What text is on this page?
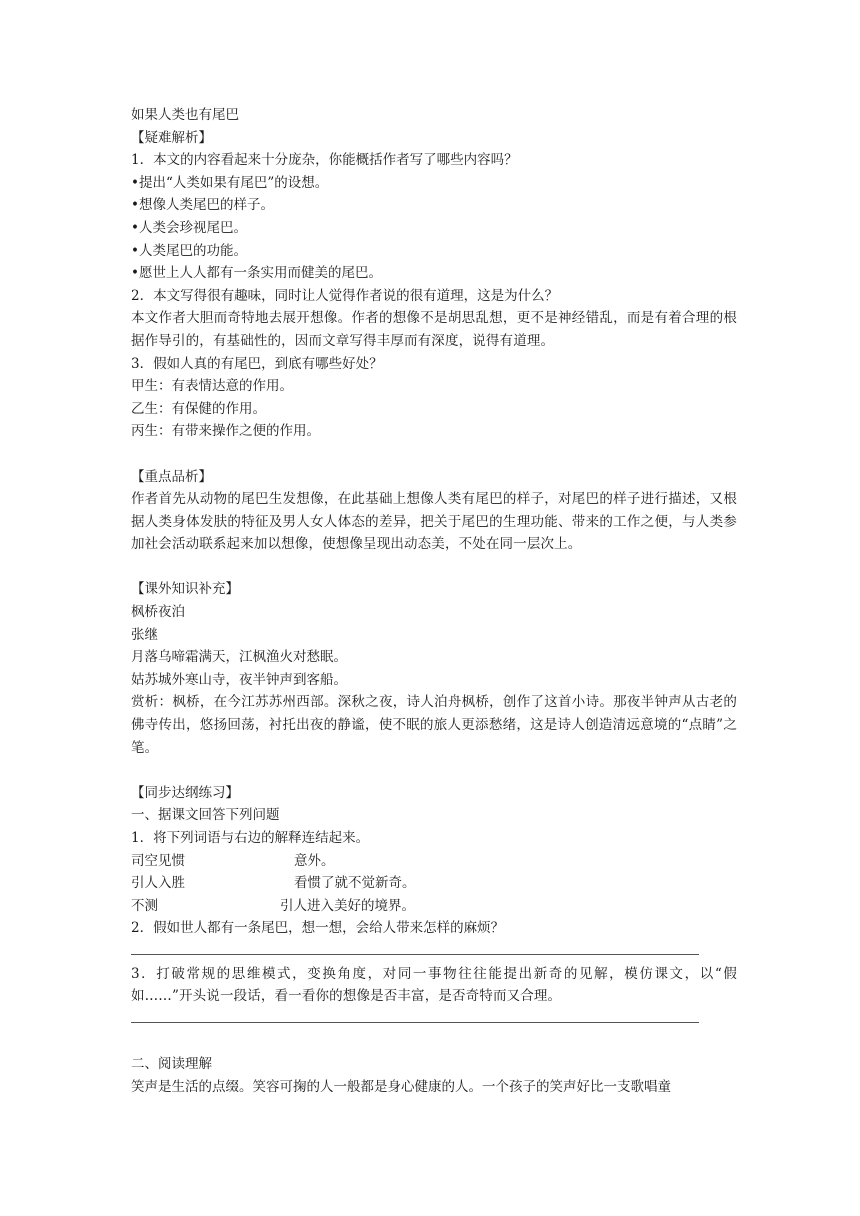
如果人类也有尾巴
【疑难解析】
1．本文的内容看起来十分庞杂，你能概括作者写了哪些内容吗？
•提出“人类如果有尾巴”的设想。
•想像人类尾巴的样子。
•人类会珍视尾巴。
•人类尾巴的功能。
•愿世上人人都有一条实用而健美的尾巴。
2．本文写得很有趣味，同时让人觉得作者说的很有道理，这是为什么？
本文作者大胆而奇特地去展开想像。作者的想像不是胡思乱想，更不是神经错乱，而是有着合理的根据作导引的，有基础性的，因而文章写得丰厚而有深度，说得有道理。
3．假如人真的有尾巴，到底有哪些好处？
甲生：有表情达意的作用。
乙生：有保健的作用。
丙生：有带来操作之便的作用。
【重点品析】
作者首先从动物的尾巴生发想像，在此基础上想像人类有尾巴的样子，对尾巴的样子进行描述，又根据人类身体发肤的特征及男人女人体态的差异，把关于尾巴的生理功能、带来的工作之便，与人类参加社会活动联系起来加以想像，使想像呈现出动态美，不处在同一层次上。
【课外知识补充】
枫桥夜泊
张继
月落乌啼霜满天，江枫渔火对愁眠。
姑苏城外寒山寺，夜半钟声到客船。
赏析：枫桥，在今江苏苏州西部。深秋之夜，诗人泊舟枫桥，创作了这首小诗。那夜半钟声从古老的佛寺传出，悠扬回荡，衬托出夜的静谧，使不眠的旅人更添愁绪，这是诗人创造清远意境的“点睛”之笔。
【同步达纲练习】
一、据课文回答下列问题
1．将下列词语与右边的解释连结起来。
司空见惯	意外。
引人入胜	看惯了就不觉新奇。
不测	引人进入美好的境界。
2．假如世人都有一条尾巴，想一想，会给人带来怎样的麻烦？
3．打破常规的思维模式，变换角度，对同一事物往往能提出新奇的见解，模仿课文，以“假如……”开头说一段话，看一看你的想像是否丰富，是否奇特而又合理。
二、阅读理解
笑声是生活的点缀。笑容可掬的人一般都是身心健康的人。一个孩子的笑声好比一支歌唱童
